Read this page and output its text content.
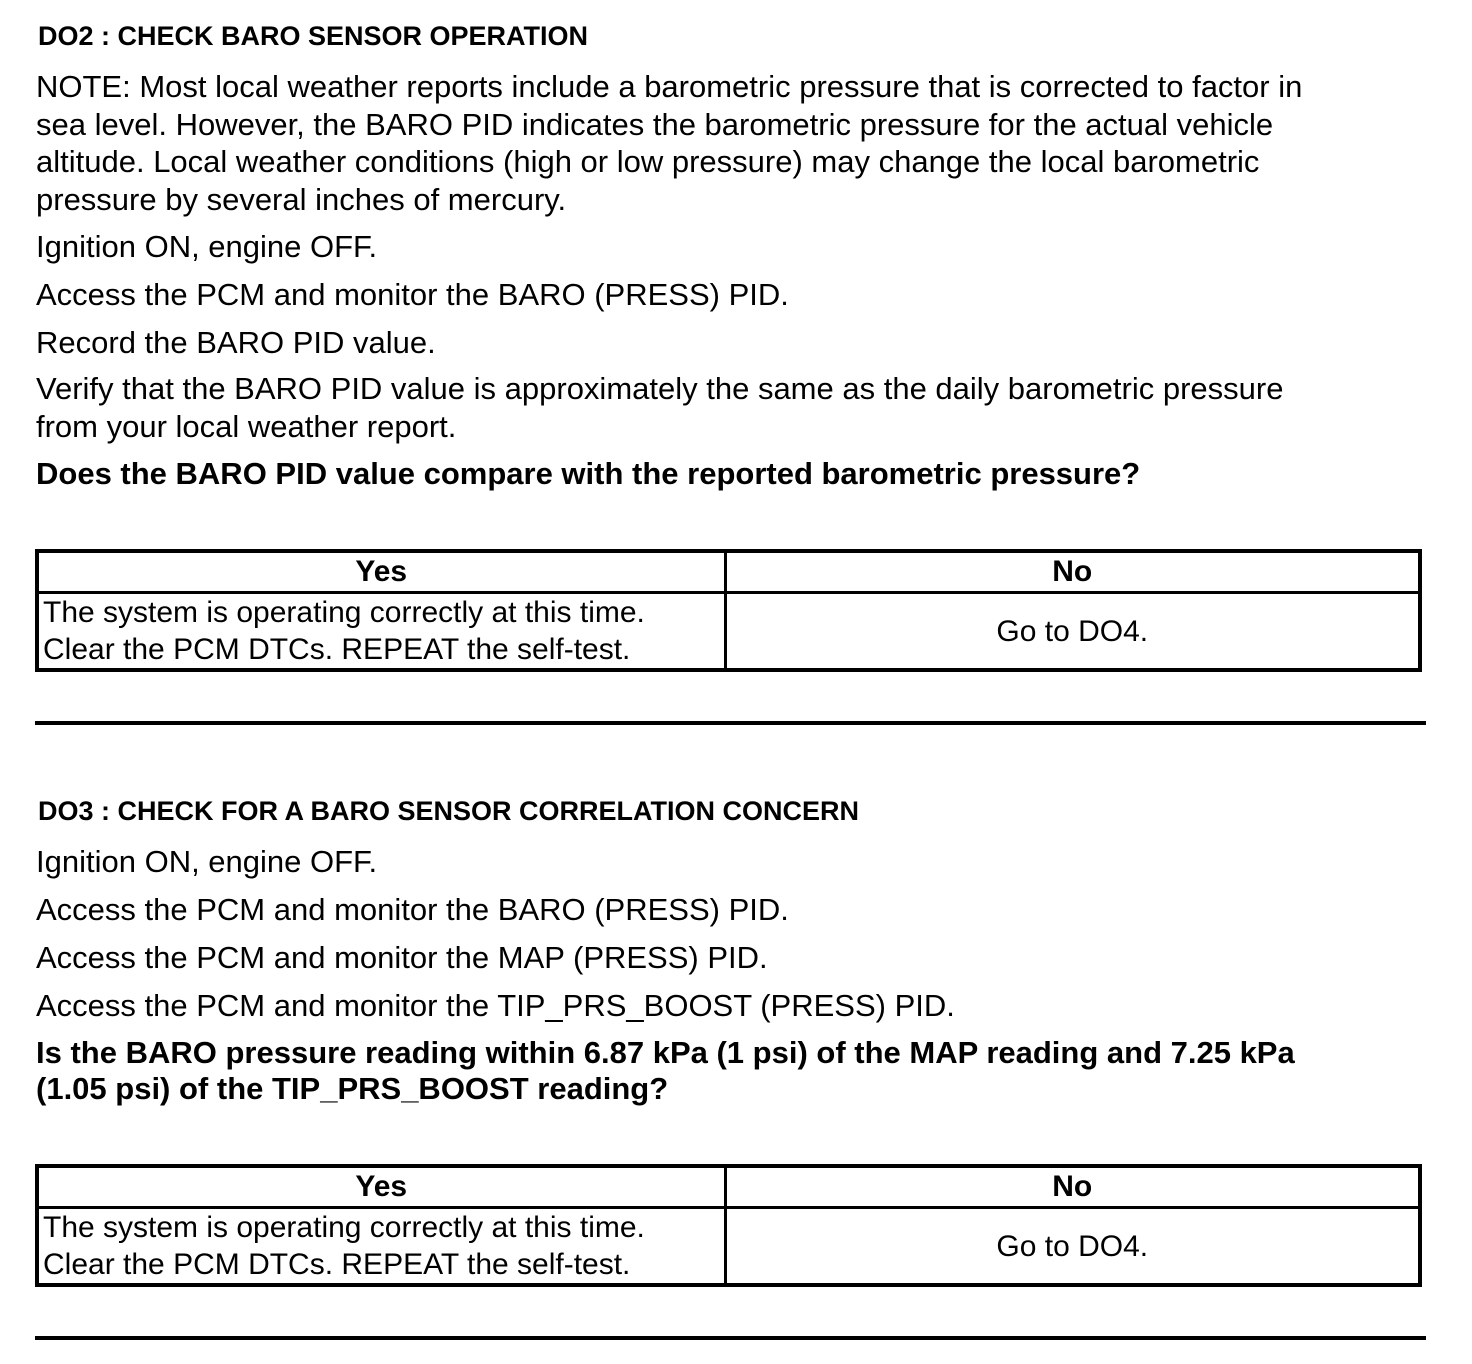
DO2 : CHECK BARO SENSOR OPERATION
NOTE: Most local weather reports include a barometric pressure that is corrected to factor in
sea level. However, the BARO PID indicates the barometric pressure for the actual vehicle
altitude. Local weather conditions (high or low pressure) may change the local barometric
pressure by several inches of mercury.
Ignition ON, engine OFF.
Access the PCM and monitor the BARO (PRESS) PID.
Record the BARO PID value.
Verify that the BARO PID value is approximately the same as the daily barometric pressure
from your local weather report.
Does the BARO PID value compare with the reported barometric pressure?
Yes	No

The system is operating correctly at this time.
Clear the PCM DTCs. REPEAT the self-test.	Go to DO4.
DO3 : CHECK FOR A BARO SENSOR CORRELATION CONCERN
Ignition ON, engine OFF.
Access the PCM and monitor the BARO (PRESS) PID.
Access the PCM and monitor the MAP (PRESS) PID.
Access the PCM and monitor the TIP_PRS_BOOST (PRESS) PID.
Is the BARO pressure reading within 6.87 kPa (1 psi) of the MAP reading and 7.25 kPa
(1.05 psi) of the TIP_PRS_BOOST reading?
Yes	No

The system is operating correctly at this time.
Clear the PCM DTCs. REPEAT the self-test.	Go to DO4.
